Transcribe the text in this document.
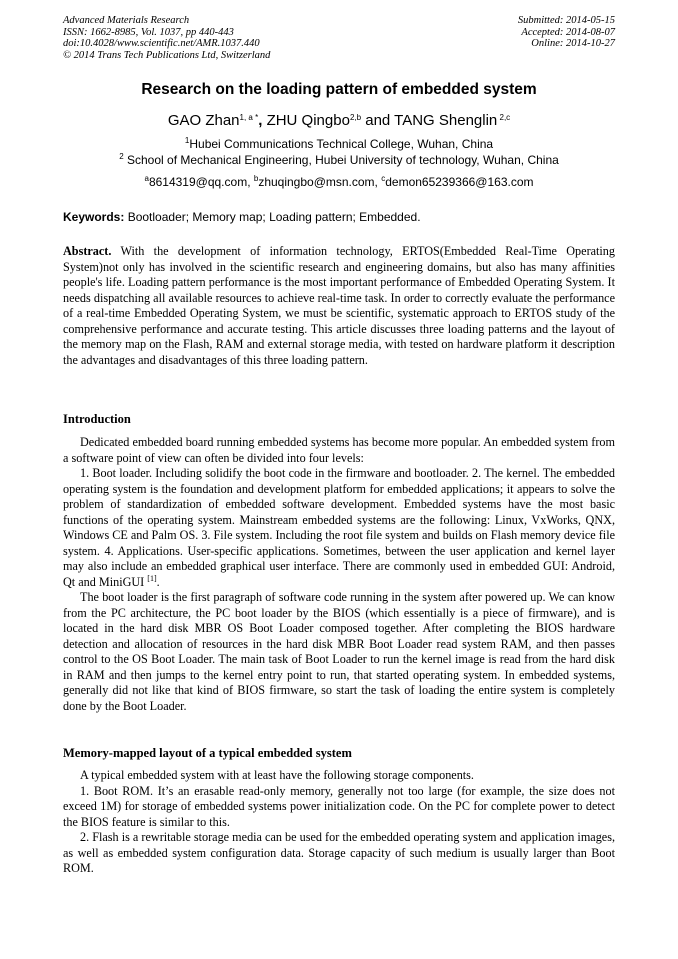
Advanced Materials Research
ISSN: 1662-8985, Vol. 1037, pp 440-443
doi:10.4028/www.scientific.net/AMR.1037.440
© 2014 Trans Tech Publications Ltd, Switzerland
Submitted: 2014-05-15
Accepted: 2014-08-07
Online: 2014-10-27
Research on the loading pattern of embedded system
GAO Zhan$^{1, a *}$, ZHU Qingbo$^{2,b}$ and TANG Shenglin $^{2,c}$
$^1$Hubei Communications Technical College, Wuhan, China
$^2$ School of Mechanical Engineering, Hubei University of technology, Wuhan, China
$^a$8614319@qq.com, $^b$zhuqingbo@msn.com, $^c$demon65239366@163.com
Keywords: Bootloader; Memory map; Loading pattern; Embedded.
Abstract. With the development of information technology, ERTOS(Embedded Real-Time Operating System)not only has involved in the scientific research and engineering domains, but also has many affinities people's life. Loading pattern performance is the most important performance of Embedded Operating System. It needs dispatching all available resources to achieve real-time task. In order to correctly evaluate the performance of a real-time Embedded Operating System, we must be scientific, systematic approach to ERTOS study of the comprehensive performance and accurate testing. This article discusses three loading patterns and the layout of the memory map on the Flash, RAM and external storage media, with tested on hardware platform it description the advantages and disadvantages of this three loading pattern.
Introduction

Dedicated embedded board running embedded systems has become more popular. An embedded system from a software point of view can often be divided into four levels:

1. Boot loader. Including solidify the boot code in the firmware and bootloader. 2. The kernel. The embedded operating system is the foundation and development platform for embedded applications; it appears to solve the problem of standardization of embedded software development. Embedded systems have the most basic functions of the operating system. Mainstream embedded systems are the following: Linux, VxWorks, QNX, Windows CE and Palm OS. 3. File system. Including the root file system and builds on Flash memory device file system. 4. Applications. User-specific applications. Sometimes, between the user application and kernel layer may also include an embedded graphical user interface. There are commonly used in embedded GUI: Android, Qt and MiniGUI [1].

The boot loader is the first paragraph of software code running in the system after powered up. We can know from the PC architecture, the PC boot loader by the BIOS (which essentially is a piece of firmware), and is located in the hard disk MBR OS Boot Loader composed together. After completing the BIOS hardware detection and allocation of resources in the hard disk MBR Boot Loader read system RAM, and then passes control to the OS Boot Loader. The main task of Boot Loader to run the kernel image is read from the hard disk in RAM and then jumps to the kernel entry point to run, that started operating system. In embedded systems, generally did not like that kind of BIOS firmware, so start the task of loading the entire system is completely done by the Boot Loader.

Memory-mapped layout of a typical embedded system

A typical embedded system with at least have the following storage components.

1. Boot ROM. It’s an erasable read-only memory, generally not too large (for example, the size does not exceed 1M) for storage of embedded systems power initialization code. On the PC for complete power to detect the BIOS feature is similar to this.

2. Flash is a rewritable storage media can be used for the embedded operating system and application images, as well as embedded system configuration data. Storage capacity of such medium is usually larger than Boot ROM.
